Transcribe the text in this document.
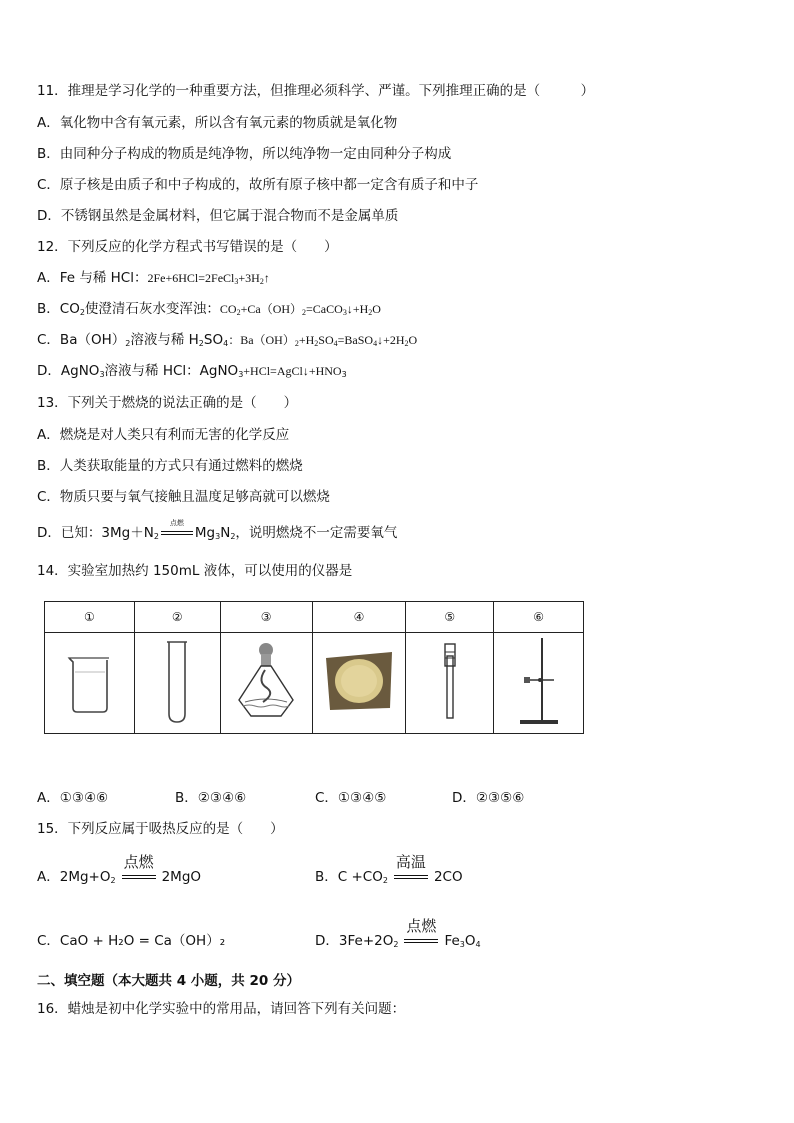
11．推理是学习化学的一种重要方法，但推理必须科学、严谨。下列推理正确的是（　　　）
A．氧化物中含有氧元素，所以含有氧元素的物质就是氧化物
B．由同种分子构成的物质是纯净物，所以纯净物一定由同种分子构成
C．原子核是由质子和中子构成的，故所有原子核中都一定含有质子和中子
D．不锈钢虽然是金属材料，但它属于混合物而不是金属单质
12．下列反应的化学方程式书写错误的是（　　）
A．Fe 与稀 HCl：$2Fe+6HCl=2FeCl_3+3H_2↑$
B．$CO_2$使澄清石灰水变浑浊：$CO_2+Ca(OH)_2=CaCO_3↓+H_2O$
C．$Ba(OH)_2$溶液与稀 $H_2SO_4$：$Ba(OH)_2+H_2SO_4=BaSO_4↓+2H_2O$
D．AgNO$_3$溶液与稀 HCl：$AgNO_3+HCl=AgCl↓+HNO_3$
13．下列关于燃烧的说法正确的是（　　）
A．燃烧是对人类只有利而无害的化学反应
B．人类获取能量的方式只有通过燃料的燃烧
C．物质只要与氧气接触且温度足够高就可以燃烧
D．已知：$3Mg+N_2$
点燃
$Mg_3N_2$，说明燃烧不一定需要氧气
14．实验室加热约 150mL 液体，可以使用的仪器是
①	②	③	④	⑤	⑥

A．①③④⑥	B．②③④⑥	C．①③④⑤	D．②③⑤⑥
15．下列反应属于吸热反应的是（　　）
A．$2Mg+O_2$
点燃
2MgO	B．$C +CO_2$
高温
2CO
C．CaO + H₂O = Ca（OH）₂	D．$3Fe+2O_2$
点燃
$Fe_3O_4$
二、填空题（本大题共 4 小题，共 20 分）
16．蜡烛是初中化学实验中的常用品，请回答下列有关问题：
